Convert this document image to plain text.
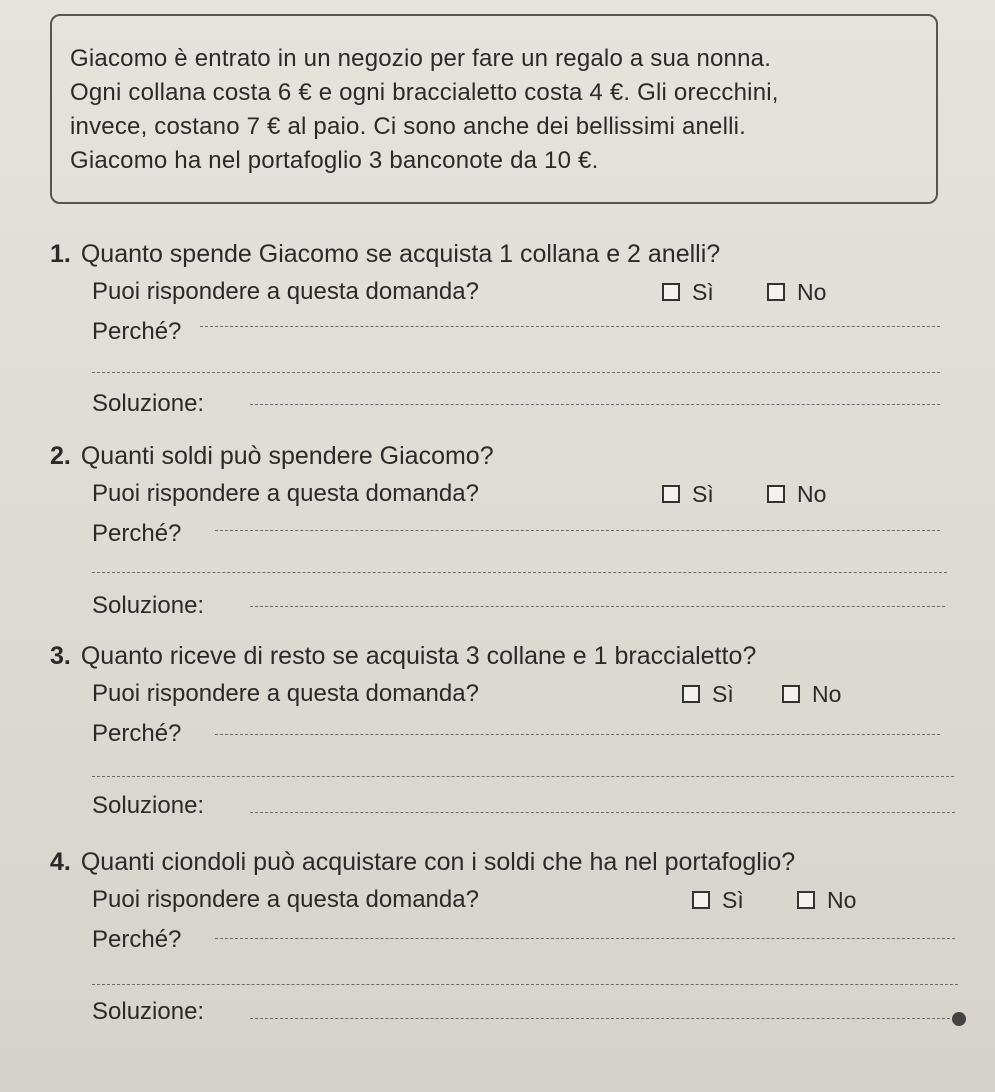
Giacomo è entrato in un negozio per fare un regalo a sua nonna.
Ogni collana costa 6 € e ogni braccialetto costa 4 €. Gli orecchini,
invece, costano 7 € al paio. Ci sono anche dei bellissimi anelli.
Giacomo ha nel portafoglio 3 banconote da 10 €.
1. Quanto spende Giacomo se acquista 1 collana e 2 anelli?
Puoi rispondere a questa domanda?	Sì	No
Perché?
Soluzione:
2. Quanti soldi può spendere Giacomo?
Puoi rispondere a questa domanda?	Sì	No
Perché?
Soluzione:
3. Quanto riceve di resto se acquista 3 collane e 1 braccialetto?
Puoi rispondere a questa domanda?	Sì	No
Perché?
Soluzione:
4. Quanti ciondoli può acquistare con i soldi che ha nel portafoglio?
Puoi rispondere a questa domanda?	Sì	No
Perché?
Soluzione:
